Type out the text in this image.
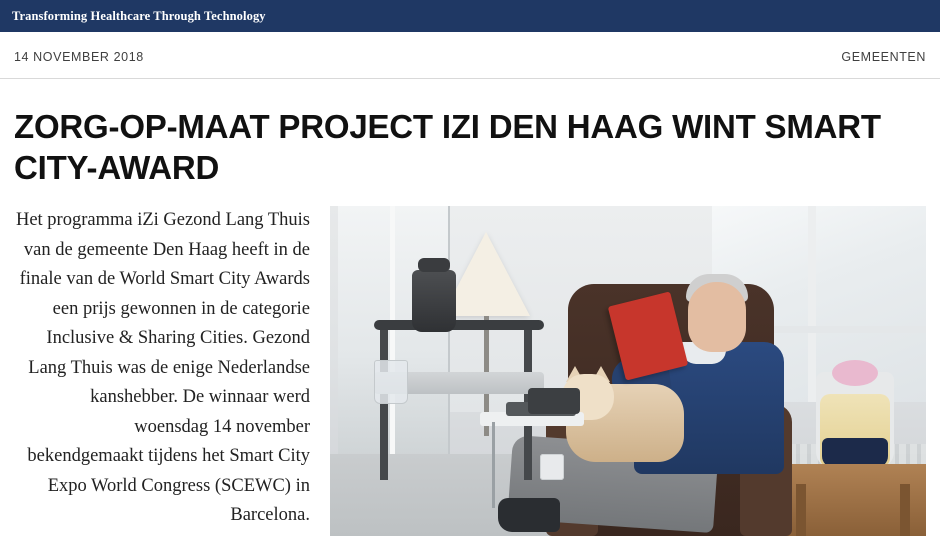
Transforming Healthcare Through Technology
14 NOVEMBER 2018	GEMEENTEN
ZORG-OP-MAAT PROJECT IZI DEN HAAG WINT SMART CITY-AWARD

Het programma iZi Gezond Lang Thuis van de gemeente Den Haag heeft in de finale van de World Smart City Awards een prijs gewonnen in de categorie Inclusive & Sharing Cities. Gezond Lang Thuis was de enige Nederlandse kanshebber. De winnaar werd woensdag 14 november bekendgemaakt tijdens het Smart City Expo World Congress (SCEWC) in Barcelona.
